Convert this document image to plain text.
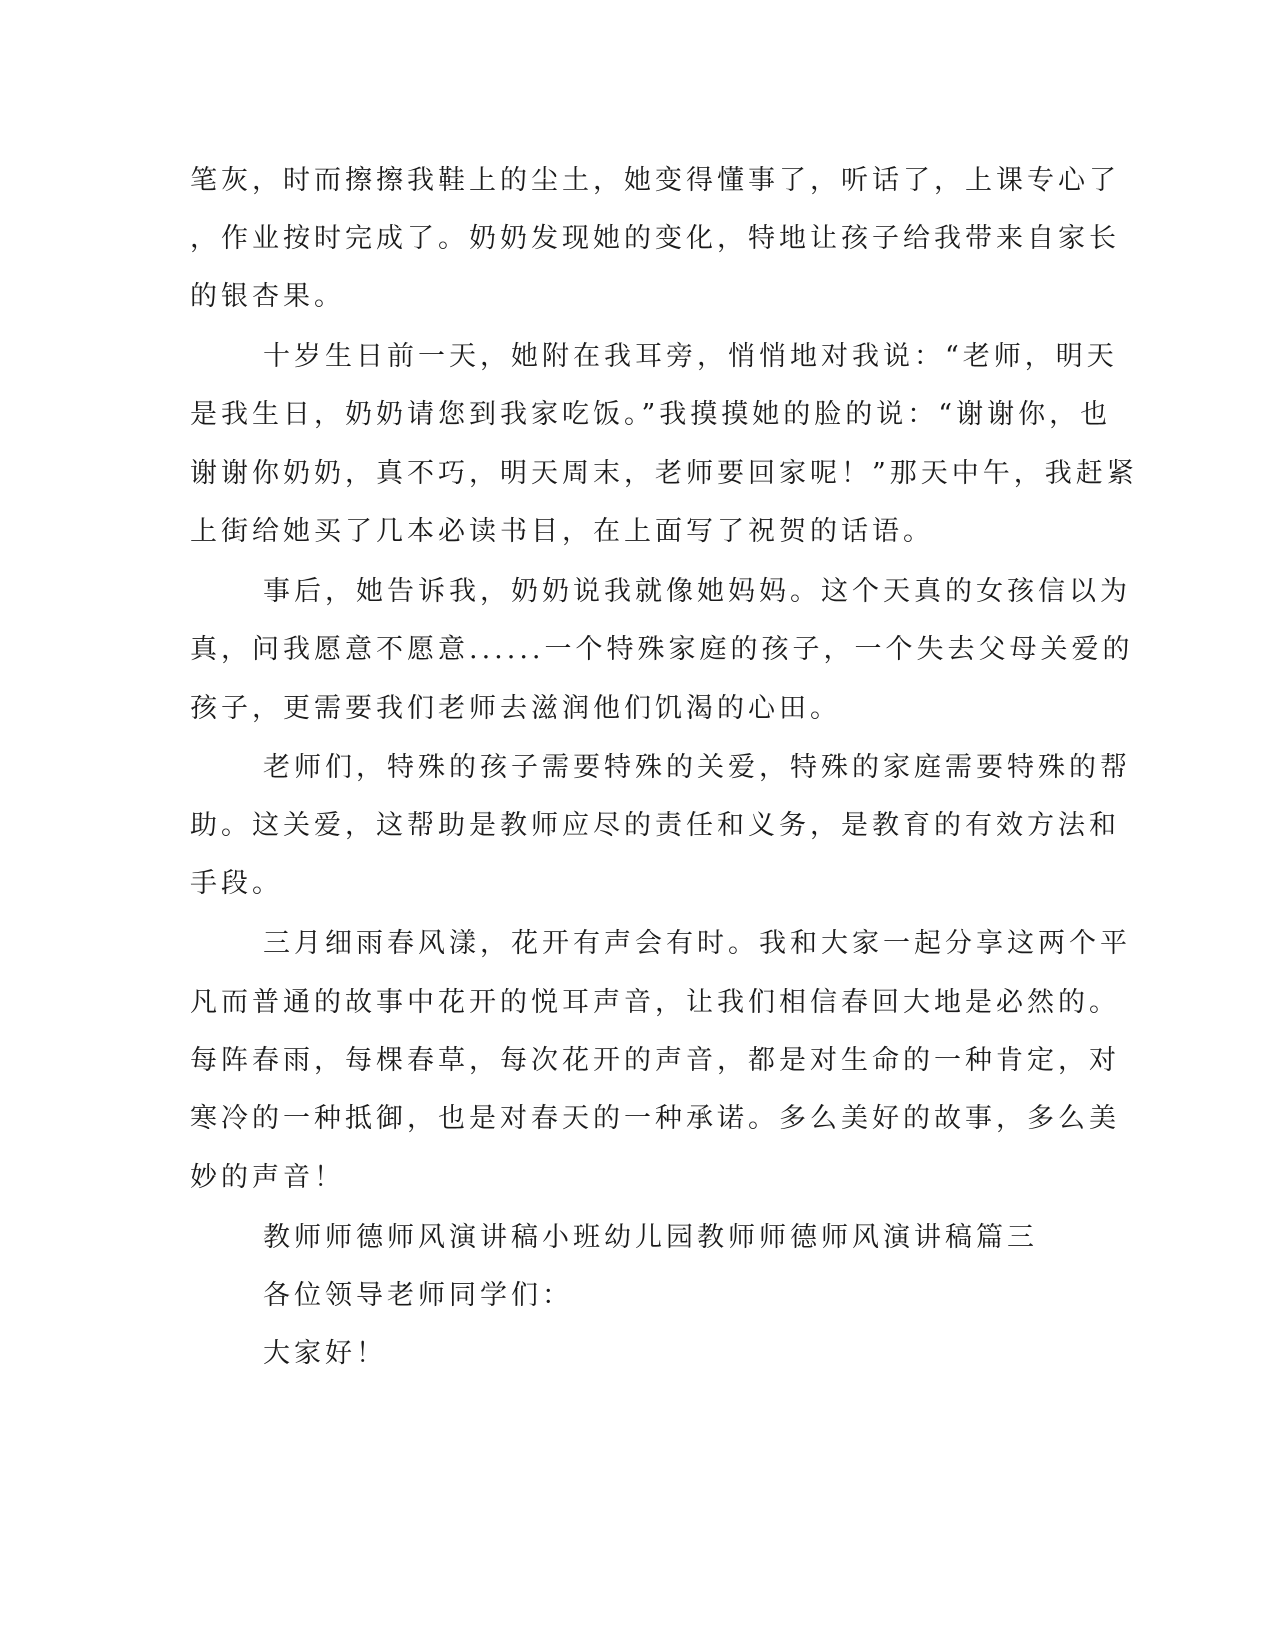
笔灰，时而擦擦我鞋上的尘土，她变得懂事了，听话了，上课专心了
，作业按时完成了。奶奶发现她的变化，特地让孩子给我带来自家长
的银杏果。
十岁生日前一天，她附在我耳旁，悄悄地对我说：“老师，明天
是我生日，奶奶请您到我家吃饭。”我摸摸她的脸的说：“谢谢你，也
谢谢你奶奶，真不巧，明天周末，老师要回家呢！”那天中午，我赶紧
上街给她买了几本必读书目，在上面写了祝贺的话语。
事后，她告诉我，奶奶说我就像她妈妈。这个天真的女孩信以为
真，问我愿意不愿意......一个特殊家庭的孩子，一个失去父母关爱的
孩子，更需要我们老师去滋润他们饥渴的心田。
老师们，特殊的孩子需要特殊的关爱，特殊的家庭需要特殊的帮
助。这关爱，这帮助是教师应尽的责任和义务，是教育的有效方法和
手段。
三月细雨春风漾，花开有声会有时。我和大家一起分享这两个平
凡而普通的故事中花开的悦耳声音，让我们相信春回大地是必然的。
每阵春雨，每棵春草，每次花开的声音，都是对生命的一种肯定，对
寒冷的一种抵御，也是对春天的一种承诺。多么美好的故事，多么美
妙的声音！
教师师德师风演讲稿小班幼儿园教师师德师风演讲稿篇三
各位领导老师同学们：
大家好！
